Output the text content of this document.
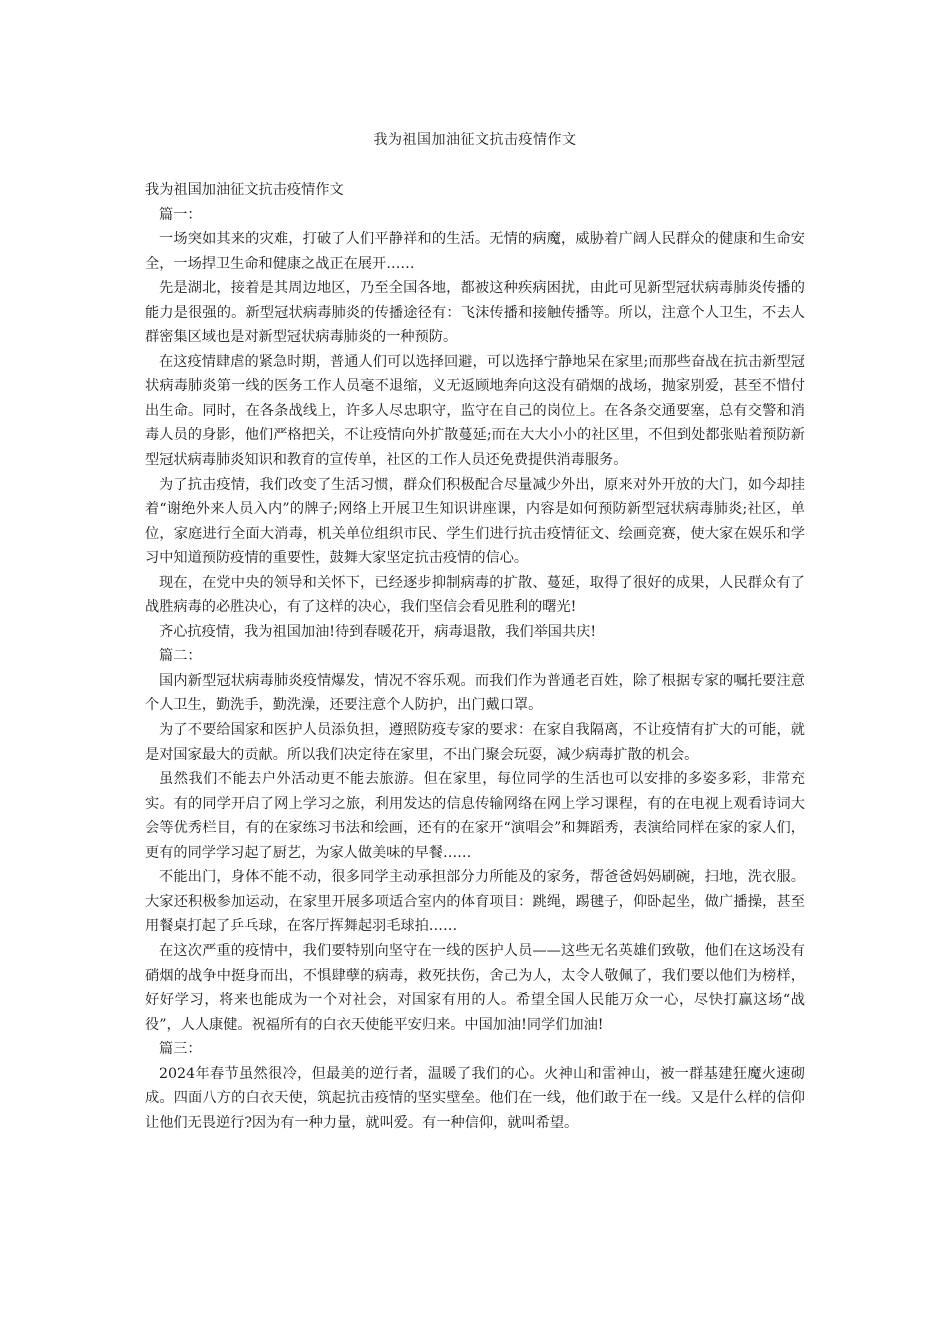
我为祖国加油征文抗击疫情作文

我为祖国加油征文抗击疫情作文

篇一：

一场突如其来的灾难，打破了人们平静祥和的生活。无情的病魔，威胁着广阔人民群众的健康和生命安全，一场捍卫生命和健康之战正在展开……

先是湖北，接着是其周边地区，乃至全国各地，都被这种疾病困扰，由此可见新型冠状病毒肺炎传播的能力是很强的。新型冠状病毒肺炎的传播途径有：飞沫传播和接触传播等。所以，注意个人卫生，不去人群密集区域也是对新型冠状病毒肺炎的一种预防。

在这疫情肆虐的紧急时期，普通人们可以选择回避，可以选择宁静地呆在家里;而那些奋战在抗击新型冠状病毒肺炎第一线的医务工作人员毫不退缩，义无返顾地奔向这没有硝烟的战场，抛家别爱，甚至不惜付出生命。同时，在各条战线上，许多人尽忠职守，监守在自己的岗位上。在各条交通要塞，总有交警和消毒人员的身影，他们严格把关，不让疫情向外扩散蔓延;而在大大小小的社区里，不但到处都张贴着预防新型冠状病毒肺炎知识和教育的宣传单，社区的工作人员还免费提供消毒服务。

为了抗击疫情，我们改变了生活习惯，群众们积极配合尽量减少外出，原来对外开放的大门，如今却挂着“谢绝外来人员入内”的牌子;网络上开展卫生知识讲座课，内容是如何预防新型冠状病毒肺炎;社区，单位，家庭进行全面大消毒，机关单位组织市民、学生们进行抗击疫情征文、绘画竞赛，使大家在娱乐和学习中知道预防疫情的重要性，鼓舞大家坚定抗击疫情的信心。

现在，在党中央的领导和关怀下，已经逐步抑制病毒的扩散、蔓延，取得了很好的成果，人民群众有了战胜病毒的必胜决心，有了这样的决心，我们坚信会看见胜利的曙光!

齐心抗疫情，我为祖国加油!待到春暖花开，病毒退散，我们举国共庆!

篇二：

国内新型冠状病毒肺炎疫情爆发，情况不容乐观。而我们作为普通老百姓，除了根据专家的嘱托要注意个人卫生，勤洗手，勤洗澡，还要注意个人防护，出门戴口罩。

为了不要给国家和医护人员添负担，遵照防疫专家的要求：在家自我隔离，不让疫情有扩大的可能，就是对国家最大的贡献。所以我们决定待在家里，不出门聚会玩耍，减少病毒扩散的机会。

虽然我们不能去户外活动更不能去旅游。但在家里，每位同学的生活也可以安排的多姿多彩，非常充实。有的同学开启了网上学习之旅，利用发达的信息传输网络在网上学习课程，有的在电视上观看诗词大会等优秀栏目，有的在家练习书法和绘画，还有的在家开“演唱会”和舞蹈秀，表演给同样在家的家人们，更有的同学学习起了厨艺，为家人做美味的早餐……

不能出门，身体不能不动，很多同学主动承担部分力所能及的家务，帮爸爸妈妈刷碗，扫地，洗衣服。大家还积极参加运动，在家里开展多项适合室内的体育项目：跳绳，踢毽子，仰卧起坐，做广播操，甚至用餐桌打起了乒乓球，在客厅挥舞起羽毛球拍……

在这次严重的疫情中，我们要特别向坚守在一线的医护人员——这些无名英雄们致敬，他们在这场没有硝烟的战争中挺身而出，不惧肆孽的病毒，救死扶伤，舍己为人，太令人敬佩了，我们要以他们为榜样，好好学习，将来也能成为一个对社会，对国家有用的人。希望全国人民能万众一心，尽快打赢这场“战役”，人人康健。祝福所有的白衣天使能平安归来。中国加油!同学们加油!

篇三：

2024年春节虽然很冷，但最美的逆行者，温暖了我们的心。火神山和雷神山，被一群基建狂魔火速砌成。四面八方的白衣天使，筑起抗击疫情的坚实壁垒。他们在一线，他们敢于在一线。又是什么样的信仰让他们无畏逆行?因为有一种力量，就叫爱。有一种信仰，就叫希望。
